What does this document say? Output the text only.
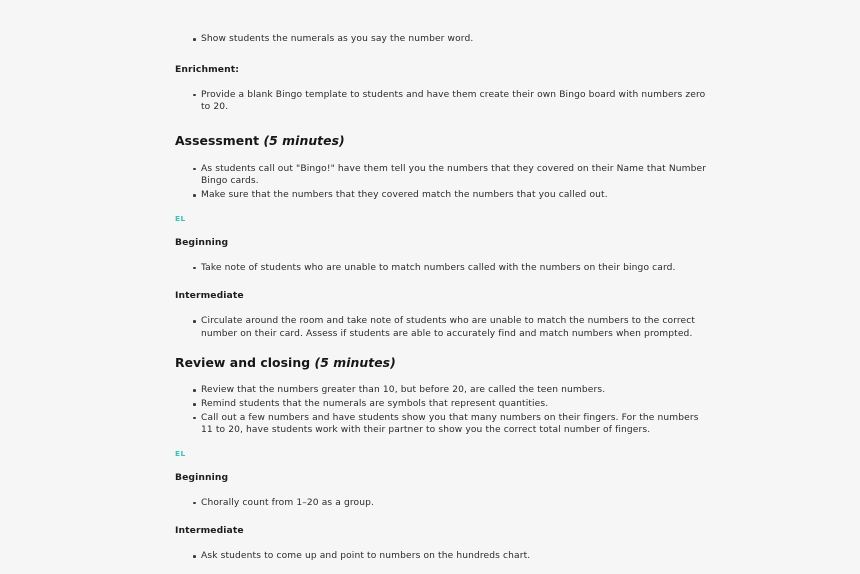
Show students the numerals as you say the number word.
Enrichment:
Provide a blank Bingo template to students and have them create their own Bingo board with numbers zero to 20.
Assessment (5 minutes)
As students call out "Bingo!" have them tell you the numbers that they covered on their Name that Number Bingo cards.
Make sure that the numbers that they covered match the numbers that you called out.
EL
Beginning
Take note of students who are unable to match numbers called with the numbers on their bingo card.
Intermediate
Circulate around the room and take note of students who are unable to match the numbers to the correct number on their card. Assess if students are able to accurately find and match numbers when prompted.
Review and closing (5 minutes)
Review that the numbers greater than 10, but before 20, are called the teen numbers.
Remind students that the numerals are symbols that represent quantities.
Call out a few numbers and have students show you that many numbers on their fingers. For the numbers 11 to 20, have students work with their partner to show you the correct total number of fingers.
EL
Beginning
Chorally count from 1–20 as a group.
Intermediate
Ask students to come up and point to numbers on the hundreds chart.
